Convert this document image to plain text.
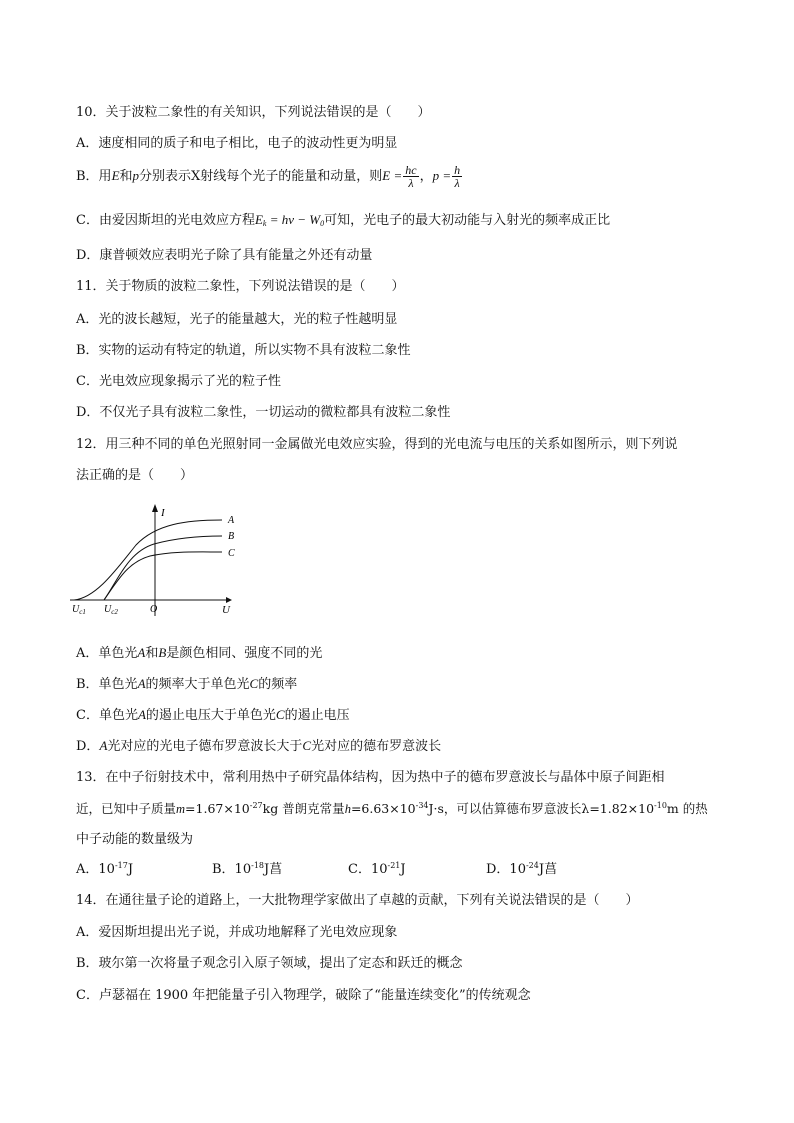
10．关于波粒二象性的有关知识，下列说法错误的是（　　）
A．速度相同的质子和电子相比，电子的波动性更为明显
B．用E和p分别表示X射线每个光子的能量和动量，则$E = \frac{hc}{\lambda}$ ，$p = \frac{h}{\lambda}$
C．由爱因斯坦的光电效应方程$E_k = h\nu - W_0$可知，光电子的最大初动能与入射光的频率成正比
D．康普顿效应表明光子除了具有能量之外还有动量
11．关于物质的波粒二象性，下列说法错误的是（　　）
A．光的波长越短，光子的能量越大，光的粒子性越明显
B．实物的运动有特定的轨道，所以实物不具有波粒二象性
C．光电效应现象揭示了光的粒子性
D．不仅光子具有波粒二象性，一切运动的微粒都具有波粒二象性
12．用三种不同的单色光照射同一金属做光电效应实验，得到的光电流与电压的关系如图所示，则下列说
法正确的是（　　）
I
U
O
$U_{c1}$ $U_{c2}$
A
B
C
A．单色光A和B是颜色相同、强度不同的光
B．单色光A的频率大于单色光C的频率
C．单色光A的遏止电压大于单色光C的遏止电压
D．A光对应的光电子德布罗意波长大于C光对应的德布罗意波长
13．在中子衍射技术中，常利用热中子研究晶体结构，因为热中子的德布罗意波长与晶体中原子间距相
近，已知中子质量$m=1.67\times 10^{-27}kg$ 普朗克常量$h=6.63\times 10^{-34}J\cdot s$，可以估算德布罗意波长$\lambda=1.82\times 10^{-10}m$ 的热
中子动能的数量级为
A．$10^{-17}J$	B．$10^{-18}J$菖	C．$10^{-21}J$	D．$10^{-24}J$菖
14．在通往量子论的道路上，一大批物理学家做出了卓越的贡献，下列有关说法错误的是（　　）
A．爱因斯坦提出光子说，并成功地解释了光电效应现象
B．玻尔第一次将量子观念引入原子领域，提出了定态和跃迁的概念
C．卢瑟福在 1900 年把能量子引入物理学，破除了“能量连续变化”的传统观念
